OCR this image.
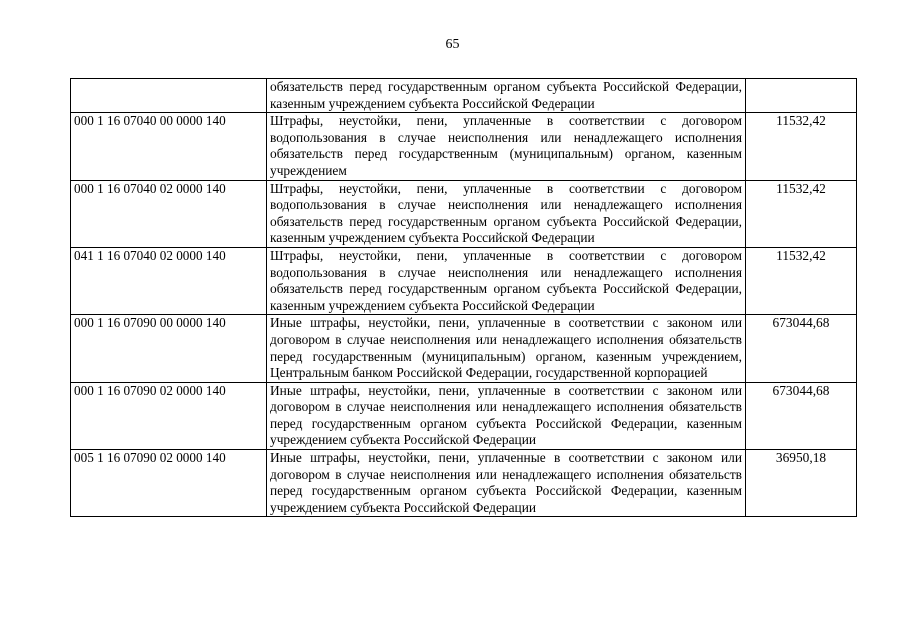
65
	обязательств перед государственным органом субъекта Российской Федерации, казенным учреждением субъекта Российской Федерации	
000 1 16 07040 00 0000 140	Штрафы, неустойки, пени, уплаченные в соответствии с договором водопользования в случае неисполнения или ненадлежащего исполнения обязательств перед государственным (муниципальным) органом, казенным учреждением	11532,42
000 1 16 07040 02 0000 140	Штрафы, неустойки, пени, уплаченные в соответствии с договором водопользования в случае неисполнения или ненадлежащего исполнения обязательств перед государственным органом субъекта Российской Федерации, казенным учреждением субъекта Российской Федерации	11532,42
041 1 16 07040 02 0000 140	Штрафы, неустойки, пени, уплаченные в соответствии с договором водопользования в случае неисполнения или ненадлежащего исполнения обязательств перед государственным органом субъекта Российской Федерации, казенным учреждением субъекта Российской Федерации	11532,42
000 1 16 07090 00 0000 140	Иные штрафы, неустойки, пени, уплаченные в соответствии с законом или договором в случае неисполнения или ненадлежащего исполнения обязательств перед государственным (муниципальным) органом, казенным учреждением, Центральным банком Российской Федерации, государственной корпорацией	673044,68
000 1 16 07090 02 0000 140	Иные штрафы, неустойки, пени, уплаченные в соответствии с законом или договором в случае неисполнения или ненадлежащего исполнения обязательств перед государственным органом субъекта Российской Федерации, казенным учреждением субъекта Российской Федерации	673044,68
005 1 16 07090 02 0000 140	Иные штрафы, неустойки, пени, уплаченные в соответствии с законом или договором в случае неисполнения или ненадлежащего исполнения обязательств перед государственным органом субъекта Российской Федерации, казенным учреждением субъекта Российской Федерации	36950,18
